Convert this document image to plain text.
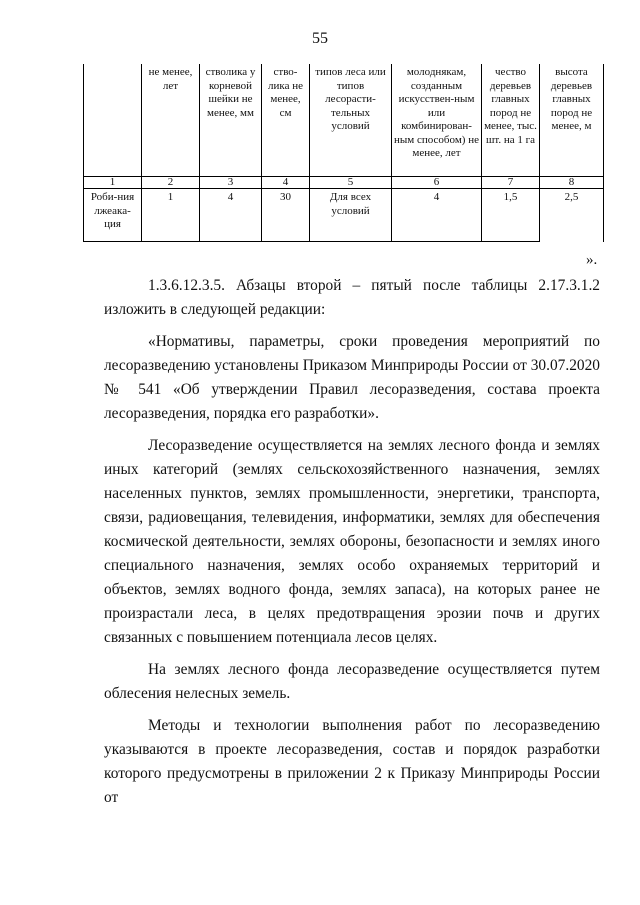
55
	не менее, лет	стволика у корневой шейки не менее, мм	ство-лика не менее, см	типов леса или типов лесорасти-тельных условий	молоднякам, созданным искусствен-ным или комбинирован-ным способом) не менее, лет	чество деревьев главных пород не менее, тыс. шт. на 1 га	высота деревьев главных пород не менее, м
1	2	3	4	5	6	7	8
Роби-ния лжеака-ция	1	4	30	Для всех условий	4	1,5	2,5
».

1.3.6.12.3.5. Абзацы второй – пятый после таблицы 2.17.3.1.2 изложить в следующей редакции:

«Нормативы, параметры, сроки проведения мероприятий по лесоразведению установлены Приказом Минприроды России от 30.07.2020 № 541 «Об утверждении Правил лесоразведения, состава проекта лесоразведения, порядка его разработки».

Лесоразведение осуществляется на землях лесного фонда и землях иных категорий (землях сельскохозяйственного назначения, землях населенных пунктов, землях промышленности, энергетики, транспорта, связи, радиовещания, телевидения, информатики, землях для обеспечения космической деятельности, землях обороны, безопасности и землях иного специального назначения, землях особо охраняемых территорий и объектов, землях водного фонда, землях запаса), на которых ранее не произрастали леса, в целях предотвращения эрозии почв и других связанных с повышением потенциала лесов целях.

На землях лесного фонда лесоразведение осуществляется путем облесения нелесных земель.

Методы и технологии выполнения работ по лесоразведению указываются в проекте лесоразведения, состав и порядок разработки которого предусмотрены в приложении 2 к Приказу Минприроды России от
